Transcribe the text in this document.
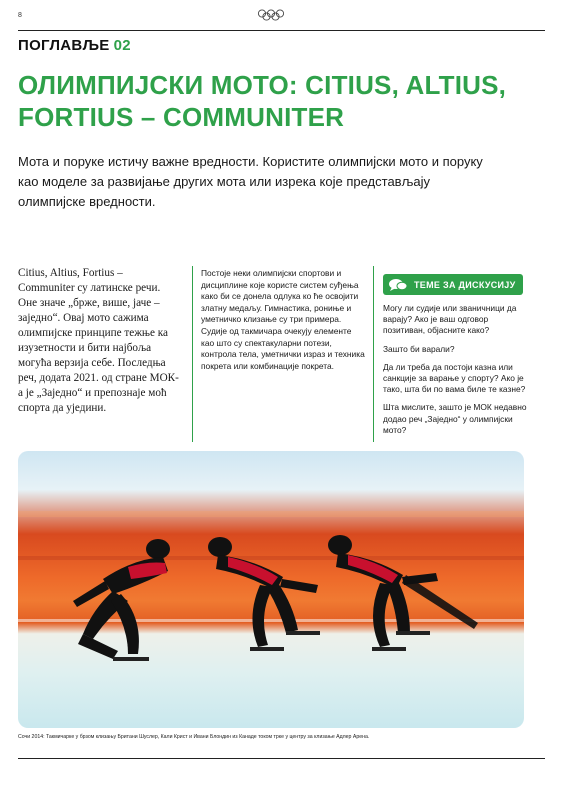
8
ПОГЛАВЉЕ 02
ОЛИМПИЈСКИ МОТО: CITIUS, ALTIUS,
FORTIUS – COMMUNITER
Мота и поруке истичу важне вредности. Користите олимпијски мото и поруку као моделе за развијање других мота или изрека које представљају олимпијске вредности.
Citius, Altius, Fortius – Communiter су латинске речи. Оне значе „брже, више, јаче – заједно“. Овај мото сажима олимпијске принципе тежње ка изузетности и бити најбоља могућа верзија себе. Последња реч, додата 2021. од стране МОК-а је „Заједно“ и препознаје моћ спорта да уједини.
Постоје неки олимпијски спортови и дисциплине које користе систем суђења како би се донела одлука ко ће освојити златну медаљу. Гимнастика, рониње и уметничко клизање су три примера. Судије од такмичара очекују елементе као што су спектакуларни потези, контрола тела, уметнички израз и техника покрета или комбинације покрета.
ТЕМЕ ЗА ДИСКУСИЈУ

Могу ли судије или званичници да варају? Ако је ваш одговор позитиван, објасните како?

Зашто би варали?

Да ли треба да постоји казна или санкције за варање у спорту? Ако је тако, шта би по вама биле те казне?

Шта мислите, зашто је МОК недавно додао реч „Заједно“ у олимпијски мото?

Сочи 2014: Такмичарке у брзом клизању Британи Шуслер, Кали Крист и Ивани Блондин из Канаде током трке у центру за клизање Адлер Арена.
